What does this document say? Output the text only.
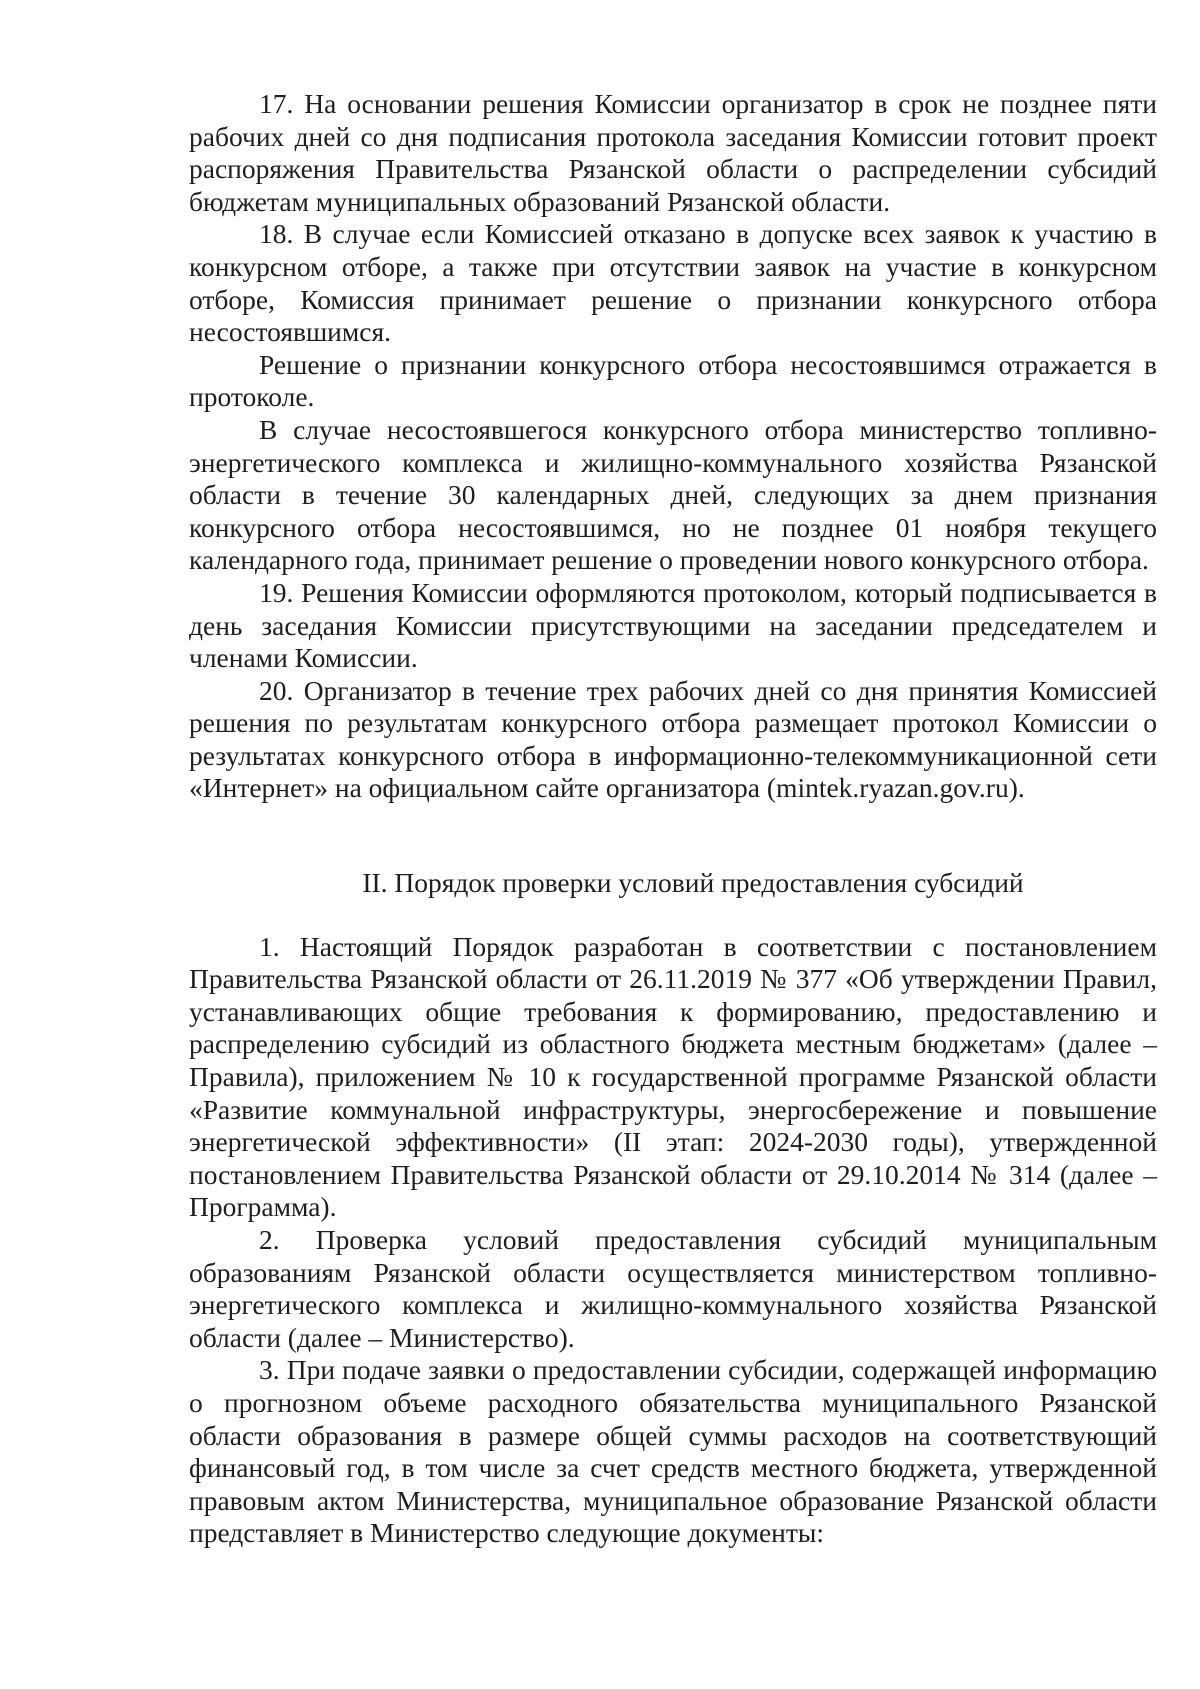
17. На основании решения Комиссии организатор в срок не позднее пяти рабочих дней со дня подписания протокола заседания Комиссии готовит проект распоряжения Правительства Рязанской области о распределении субсидий бюджетам муниципальных образований Рязанской области.

18. В случае если Комиссией отказано в допуске всех заявок к участию в конкурсном отборе, а также при отсутствии заявок на участие в конкурсном отборе, Комиссия принимает решение о признании конкурсного отбора несостоявшимся.

Решение о признании конкурсного отбора несостоявшимся отражается в протоколе.

В случае несостоявшегося конкурсного отбора министерство топливно-энергетического комплекса и жилищно-коммунального хозяйства Рязанской области в течение 30 календарных дней, следующих за днем признания конкурсного отбора несостоявшимся, но не позднее 01 ноября текущего календарного года, принимает решение о проведении нового конкурсного отбора.

19. Решения Комиссии оформляются протоколом, который подписывается в день заседания Комиссии присутствующими на заседании председателем и членами Комиссии.

20. Организатор в течение трех рабочих дней со дня принятия Комиссией решения по результатам конкурсного отбора размещает протокол Комиссии о результатах конкурсного отбора в информационно-телекоммуникационной сети «Интернет» на официальном сайте организатора (mintek.ryazan.gov.ru).

II. Порядок проверки условий предоставления субсидий

1. Настоящий Порядок разработан в соответствии с постановлением Правительства Рязанской области от 26.11.2019 № 377 «Об утверждении Правил, устанавливающих общие требования к формированию, предоставлению и распределению субсидий из областного бюджета местным бюджетам» (далее – Правила), приложением № 10 к государственной программе Рязанской области «Развитие коммунальной инфраструктуры, энергосбережение и повышение энергетической эффективности» (II этап: 2024-2030 годы), утвержденной постановлением Правительства Рязанской области от 29.10.2014 № 314 (далее – Программа).

2. Проверка условий предоставления субсидий муниципальным образованиям Рязанской области осуществляется министерством топливно-энергетического комплекса и жилищно-коммунального хозяйства Рязанской области (далее – Министерство).

3. При подаче заявки о предоставлении субсидии, содержащей информацию о прогнозном объеме расходного обязательства муниципального Рязанской области образования в размере общей суммы расходов на соответствующий финансовый год, в том числе за счет средств местного бюджета, утвержденной правовым актом Министерства, муниципальное образование Рязанской области представляет в Министерство следующие документы:
